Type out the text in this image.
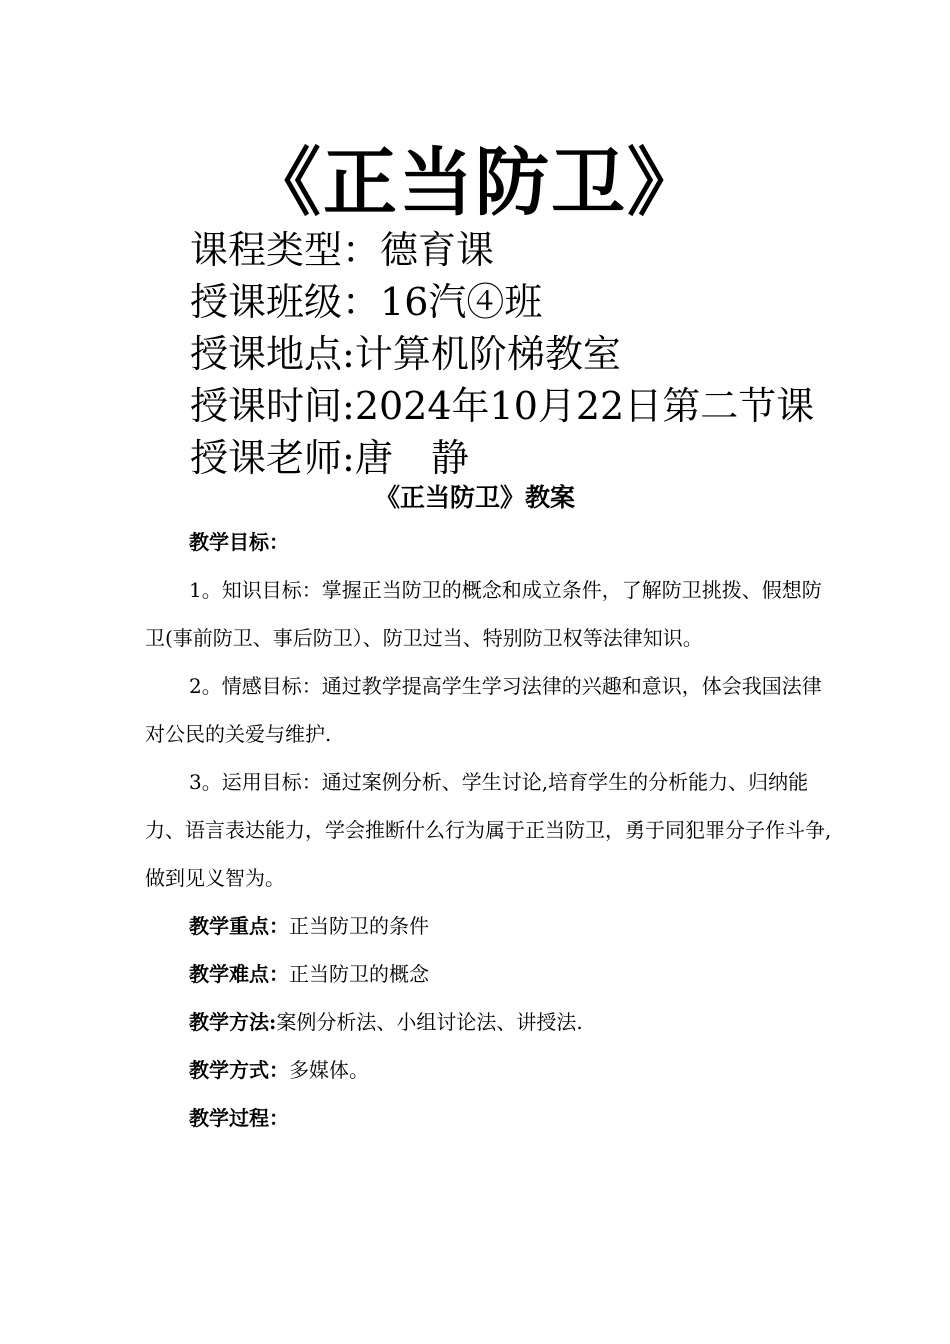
《正当防卫》
课程类型：德育课
授课班级：16汽④班
授课地点:计算机阶梯教室
授课时间:2024年10月22日第二节课
授课老师:唐　静
《正当防卫》教案

教学目标：

1。知识目标：掌握正当防卫的概念和成立条件，了解防卫挑拨、假想防卫(事前防卫、事后防卫）、防卫过当、特别防卫权等法律知识。

2。情感目标：通过教学提高学生学习法律的兴趣和意识，体会我国法律对公民的关爱与维护.

3。运用目标：通过案例分析、学生讨论,培育学生的分析能力、归纳能力、语言表达能力，学会推断什么行为属于正当防卫，勇于同犯罪分子作斗争,做到见义智为。

教学重点：正当防卫的条件

教学难点：正当防卫的概念

教学方法:案例分析法、小组讨论法、讲授法.

教学方式：多媒体。

教学过程：
